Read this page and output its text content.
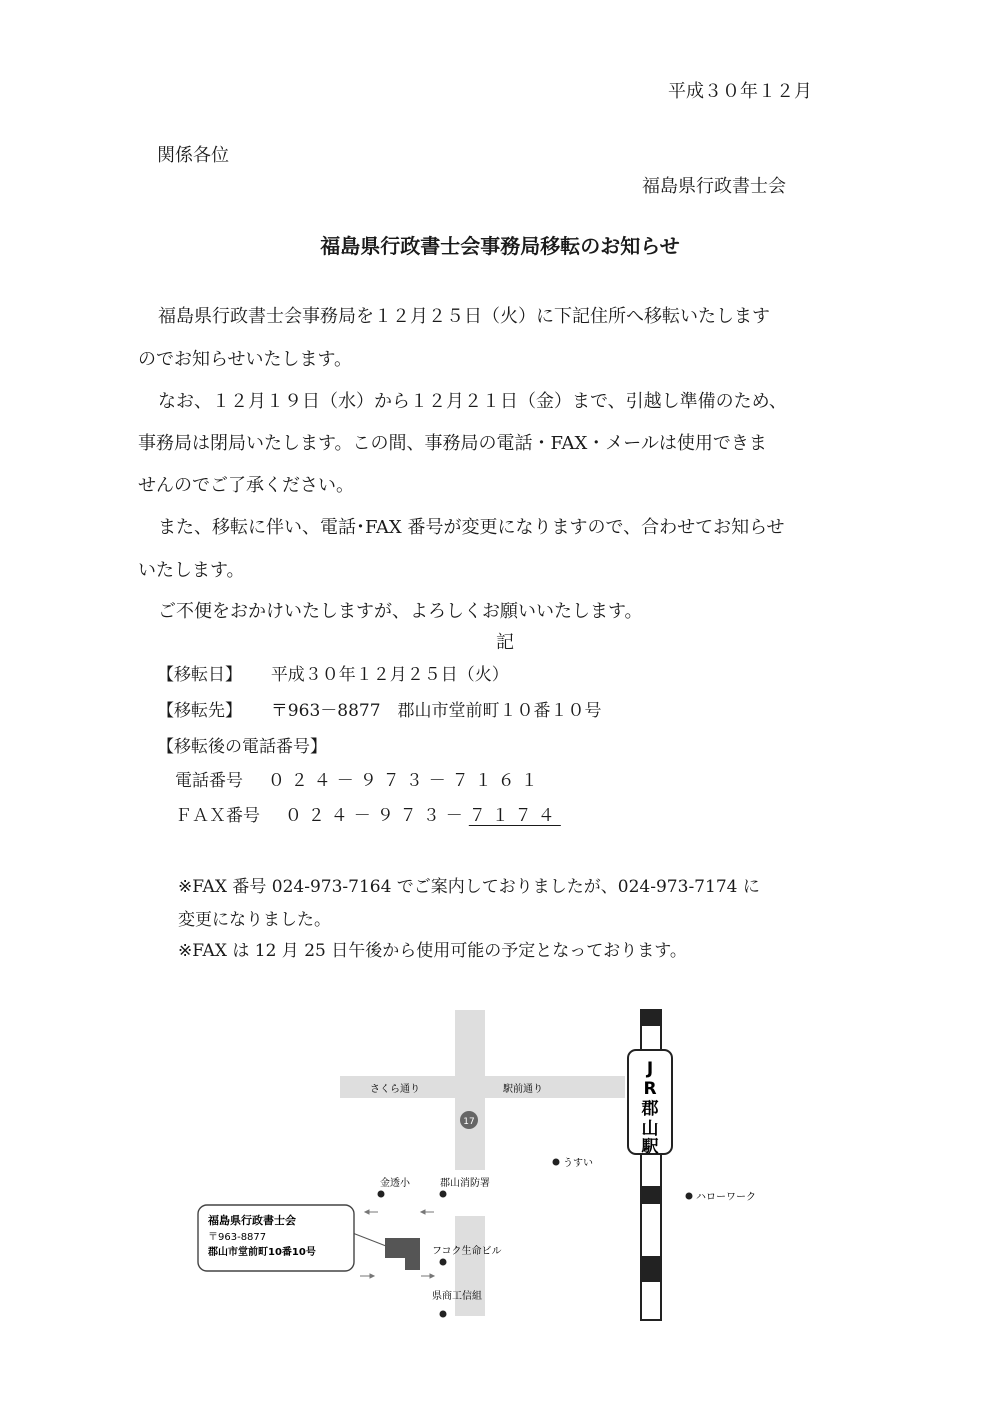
平成３０年１２月
関係各位
福島県行政書士会
福島県行政書士会事務局移転のお知らせ
福島県行政書士会事務局を１２月２５日（火）に下記住所へ移転いたします
のでお知らせいたします。
なお、１２月１９日（水）から１２月２１日（金）まで、引越し準備のため、
事務局は閉局いたします。この間、事務局の電話・FAX・メールは使用できま
せんのでご了承ください。
また、移転に伴い、電話･FAX 番号が変更になりますので、合わせてお知らせ
いたします。
ご不便をおかけいたしますが、よろしくお願いいたします。
記
【移転日】 平成３０年１２月２５日（火）
【移転先】 〒963－8877　郡山市堂前町１０番１０号
【移転後の電話番号】
電話番号 ０２４－９７３－７１６１
ＦＡＸ番号 ０２４－９７３－７１７４
※FAX 番号 024-973-7164 でご案内しておりましたが、024-973-7174 に
変更になりました。
※FAX は 12 月 25 日午後から使用可能の予定となっております。
J
R
郡
山
駅
さくら通り	駅前通り
17
うすい
ハローワーク
金透小	郡山消防署
フコク生命ビル
県商工信組
福島県行政書士会
〒963-8877
郡山市堂前町10番10号
